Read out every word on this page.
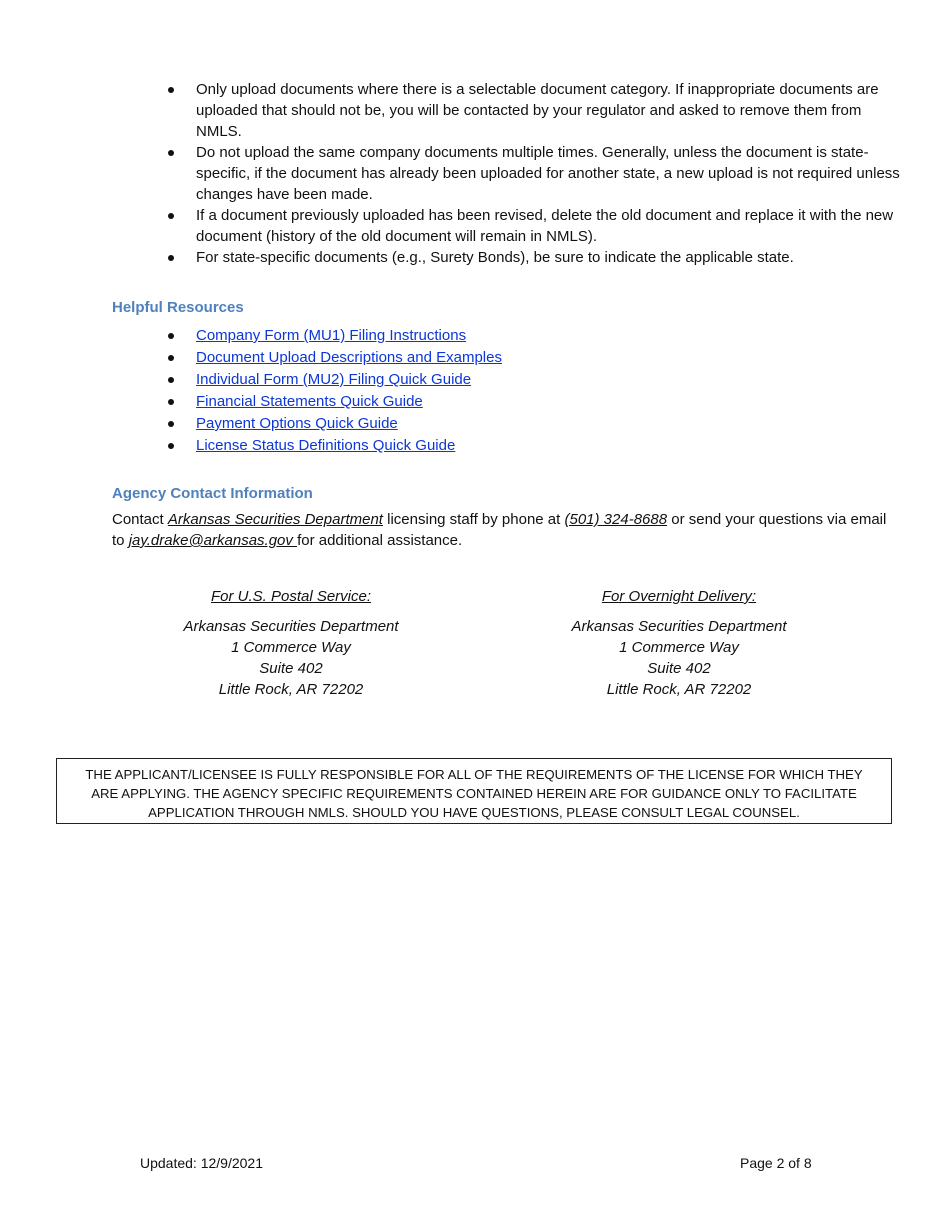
Only upload documents where there is a selectable document category. If inappropriate documents are uploaded that should not be, you will be contacted by your regulator and asked to remove them from NMLS.
Do not upload the same company documents multiple times. Generally, unless the document is state-specific, if the document has already been uploaded for another state, a new upload is not required unless changes have been made.
If a document previously uploaded has been revised, delete the old document and replace it with the new document (history of the old document will remain in NMLS).
For state-specific documents (e.g., Surety Bonds), be sure to indicate the applicable state.
Helpful Resources
Company Form (MU1) Filing Instructions
Document Upload Descriptions and Examples
Individual Form (MU2) Filing Quick Guide
Financial Statements Quick Guide
Payment Options Quick Guide
License Status Definitions Quick Guide
Agency Contact Information
Contact Arkansas Securities Department licensing staff by phone at (501) 324-8688 or send your questions via email to jay.drake@arkansas.gov for additional assistance.
For U.S. Postal Service:
Arkansas Securities Department
1 Commerce Way
Suite 402
Little Rock, AR 72202
For Overnight Delivery:
Arkansas Securities Department
1 Commerce Way
Suite 402
Little Rock, AR 72202
THE APPLICANT/LICENSEE IS FULLY RESPONSIBLE FOR ALL OF THE REQUIREMENTS OF THE LICENSE FOR WHICH THEY ARE APPLYING. THE AGENCY SPECIFIC REQUIREMENTS CONTAINED HEREIN ARE FOR GUIDANCE ONLY TO FACILITATE APPLICATION THROUGH NMLS. SHOULD YOU HAVE QUESTIONS, PLEASE CONSULT LEGAL COUNSEL.
Updated: 12/9/2021	Page 2 of 8
